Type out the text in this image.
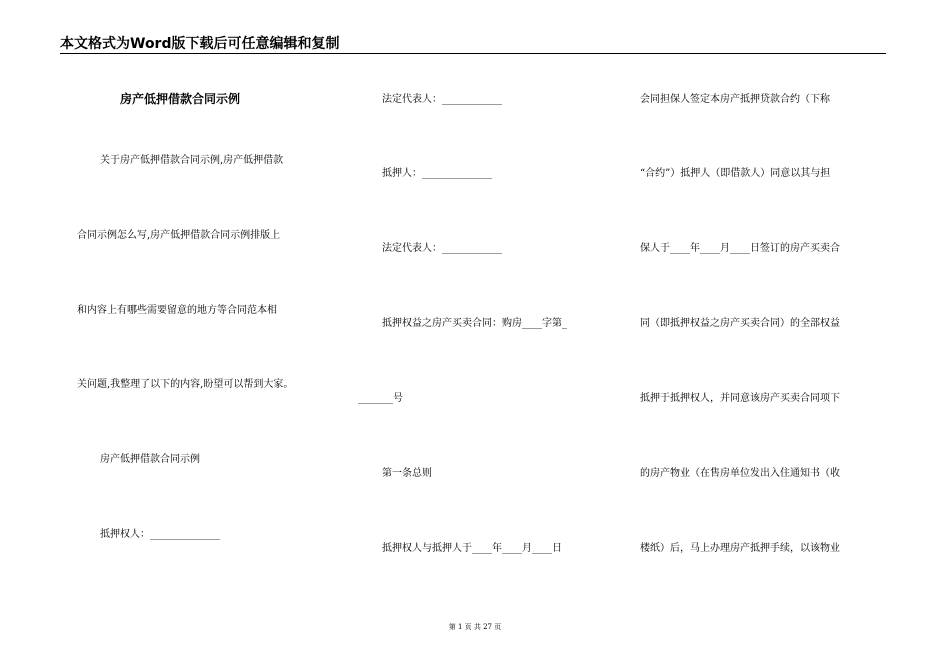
本文格式为Word版下载后可任意编辑和复制
房产低押借款合同示例
关于房产低押借款合同示例,房产低押借款
合同示例怎么写,房产低押借款合同示例排版上
和内容上有哪些需要留意的地方等合同范本相
关问题,我整理了以下的内容,盼望可以帮到大家。
房产低押借款合同示例
抵押权人：______________
法定代表人：____________
抵押人：______________
法定代表人：____________
抵押权益之房产买卖合同：购房____字第_
_______号
第一条总则
抵押权人与抵押人于____年____月____日
会同担保人签定本房产抵押贷款合约（下称
“合约”）抵押人（即借款人）同意以其与担
保人于____年____月____日签订的房产买卖合
同（即抵押权益之房产买卖合同）的全部权益
抵押于抵押权人，并同意该房产买卖合同项下
的房产物业（在售房单位发出入住通知书（收
楼纸）后，马上办理房产抵押手续，以该物业
第 1 页 共 27 页
